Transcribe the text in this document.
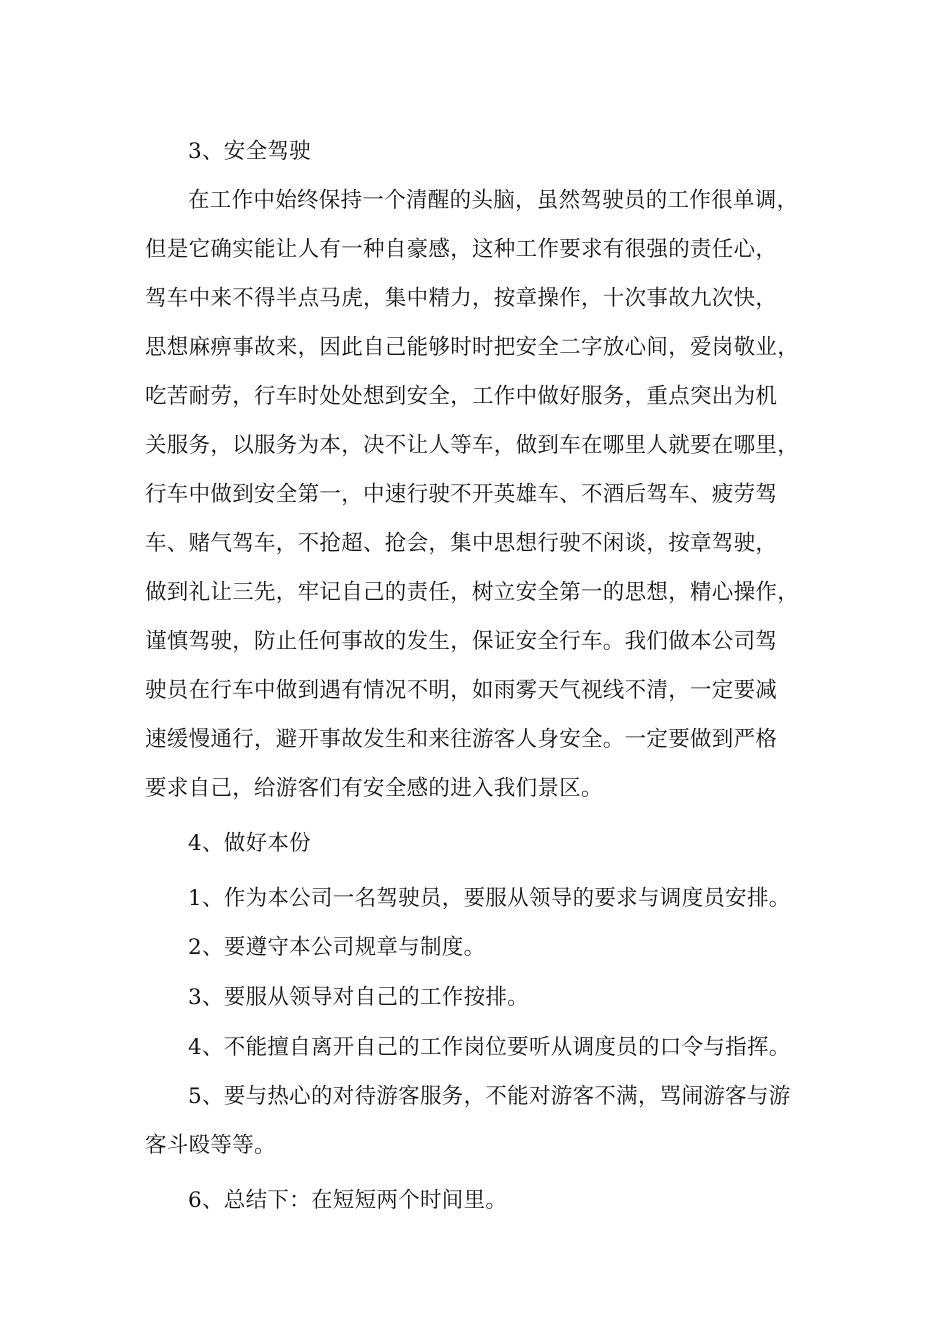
3、安全驾驶
在工作中始终保持一个清醒的头脑，虽然驾驶员的工作很单调，
但是它确实能让人有一种自豪感，这种工作要求有很强的责任心，
驾车中来不得半点马虎，集中精力，按章操作，十次事故九次快，
思想麻痹事故来，因此自己能够时时把安全二字放心间，爱岗敬业，
吃苦耐劳，行车时处处想到安全，工作中做好服务，重点突出为机
关服务，以服务为本，决不让人等车，做到车在哪里人就要在哪里，
行车中做到安全第一，中速行驶不开英雄车、不酒后驾车、疲劳驾
车、赌气驾车，不抢超、抢会，集中思想行驶不闲谈，按章驾驶，
做到礼让三先，牢记自己的责任，树立安全第一的思想，精心操作，
谨慎驾驶，防止任何事故的发生，保证安全行车。我们做本公司驾
驶员在行车中做到遇有情况不明，如雨雾天气视线不清，一定要减
速缓慢通行，避开事故发生和来往游客人身安全。一定要做到严格
要求自己，给游客们有安全感的进入我们景区。
4、做好本份
1、作为本公司一名驾驶员，要服从领导的要求与调度员安排。
2、要遵守本公司规章与制度。
3、要服从领导对自己的工作按排。
4、不能擅自离开自己的工作岗位要听从调度员的口令与指挥。
5、要与热心的对待游客服务，不能对游客不满，骂闹游客与游
客斗殴等等。
6、总结下：在短短两个时间里。
